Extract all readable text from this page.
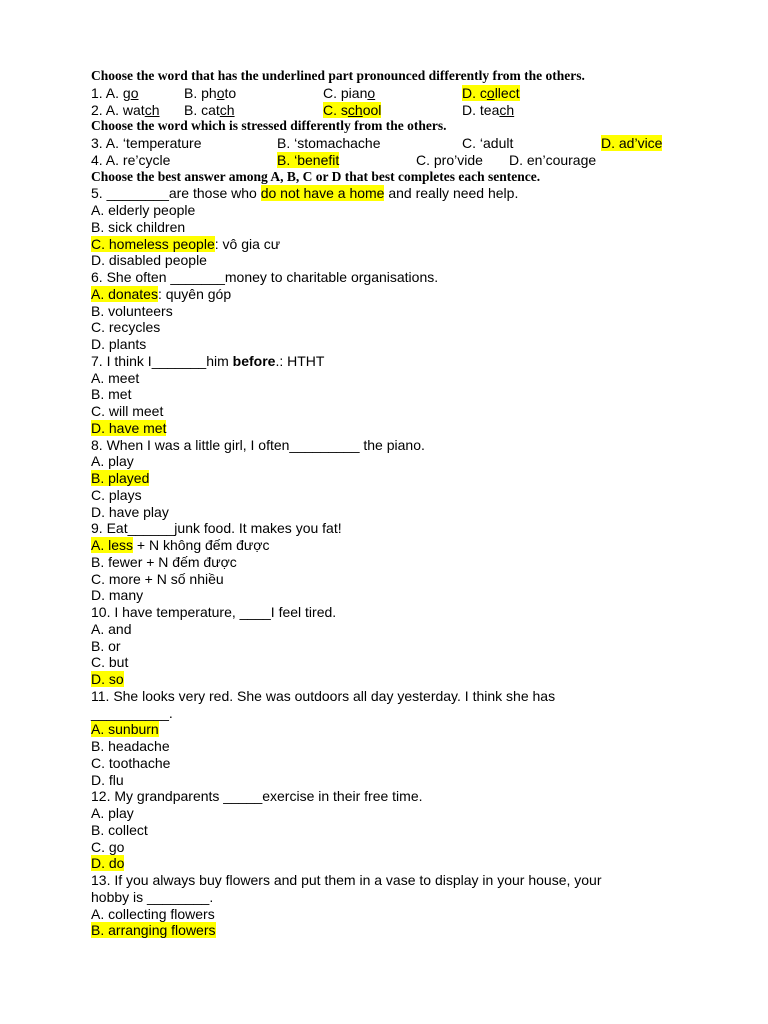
Choose the word that has the underlined part pronounced differently from the others.
1. A. go	B. photo	C. piano	D. collect
2. A. watch B. catch	C. school	D. teach
Choose the word which is stressed differently from the others.
3. A. ‘temperature	B. ‘stomachache	C. ‘adult	D. ad’vice
4. A. re’cycle	B. ‘benefit	C. pro’vide D. en’courage
Choose the best answer among A, B, C or D that best completes each sentence.
5. ________are those who do not have a home and really need help.
A. elderly people
B. sick children
C. homeless people: vô gia cư
D. disabled people
6. She often _______money to charitable organisations.
A. donates: quyên góp
B. volunteers
C. recycles
D. plants
7. I think I_______him before.: HTHT
A. meet
B. met
C. will meet
D. have met
8. When I was a little girl, I often_________ the piano.
A. play
B. played
C. plays
D. have play
9. Eat______junk food. It makes you fat!
A. less + N không đếm được
B. fewer + N đếm được
C. more + N số nhiều
D. many
10. I have temperature, ____I feel tired.
A. and
B. or
C. but
D. so
11. She looks very red. She was outdoors all day yesterday. I think she has
__________.
A. sunburn
B. headache
C. toothache
D. flu
12. My grandparents _____exercise in their free time.
A. play
B. collect
C. go
D. do
13. If you always buy flowers and put them in a vase to display in your house, your
hobby is ________.
A. collecting flowers
B. arranging flowers
